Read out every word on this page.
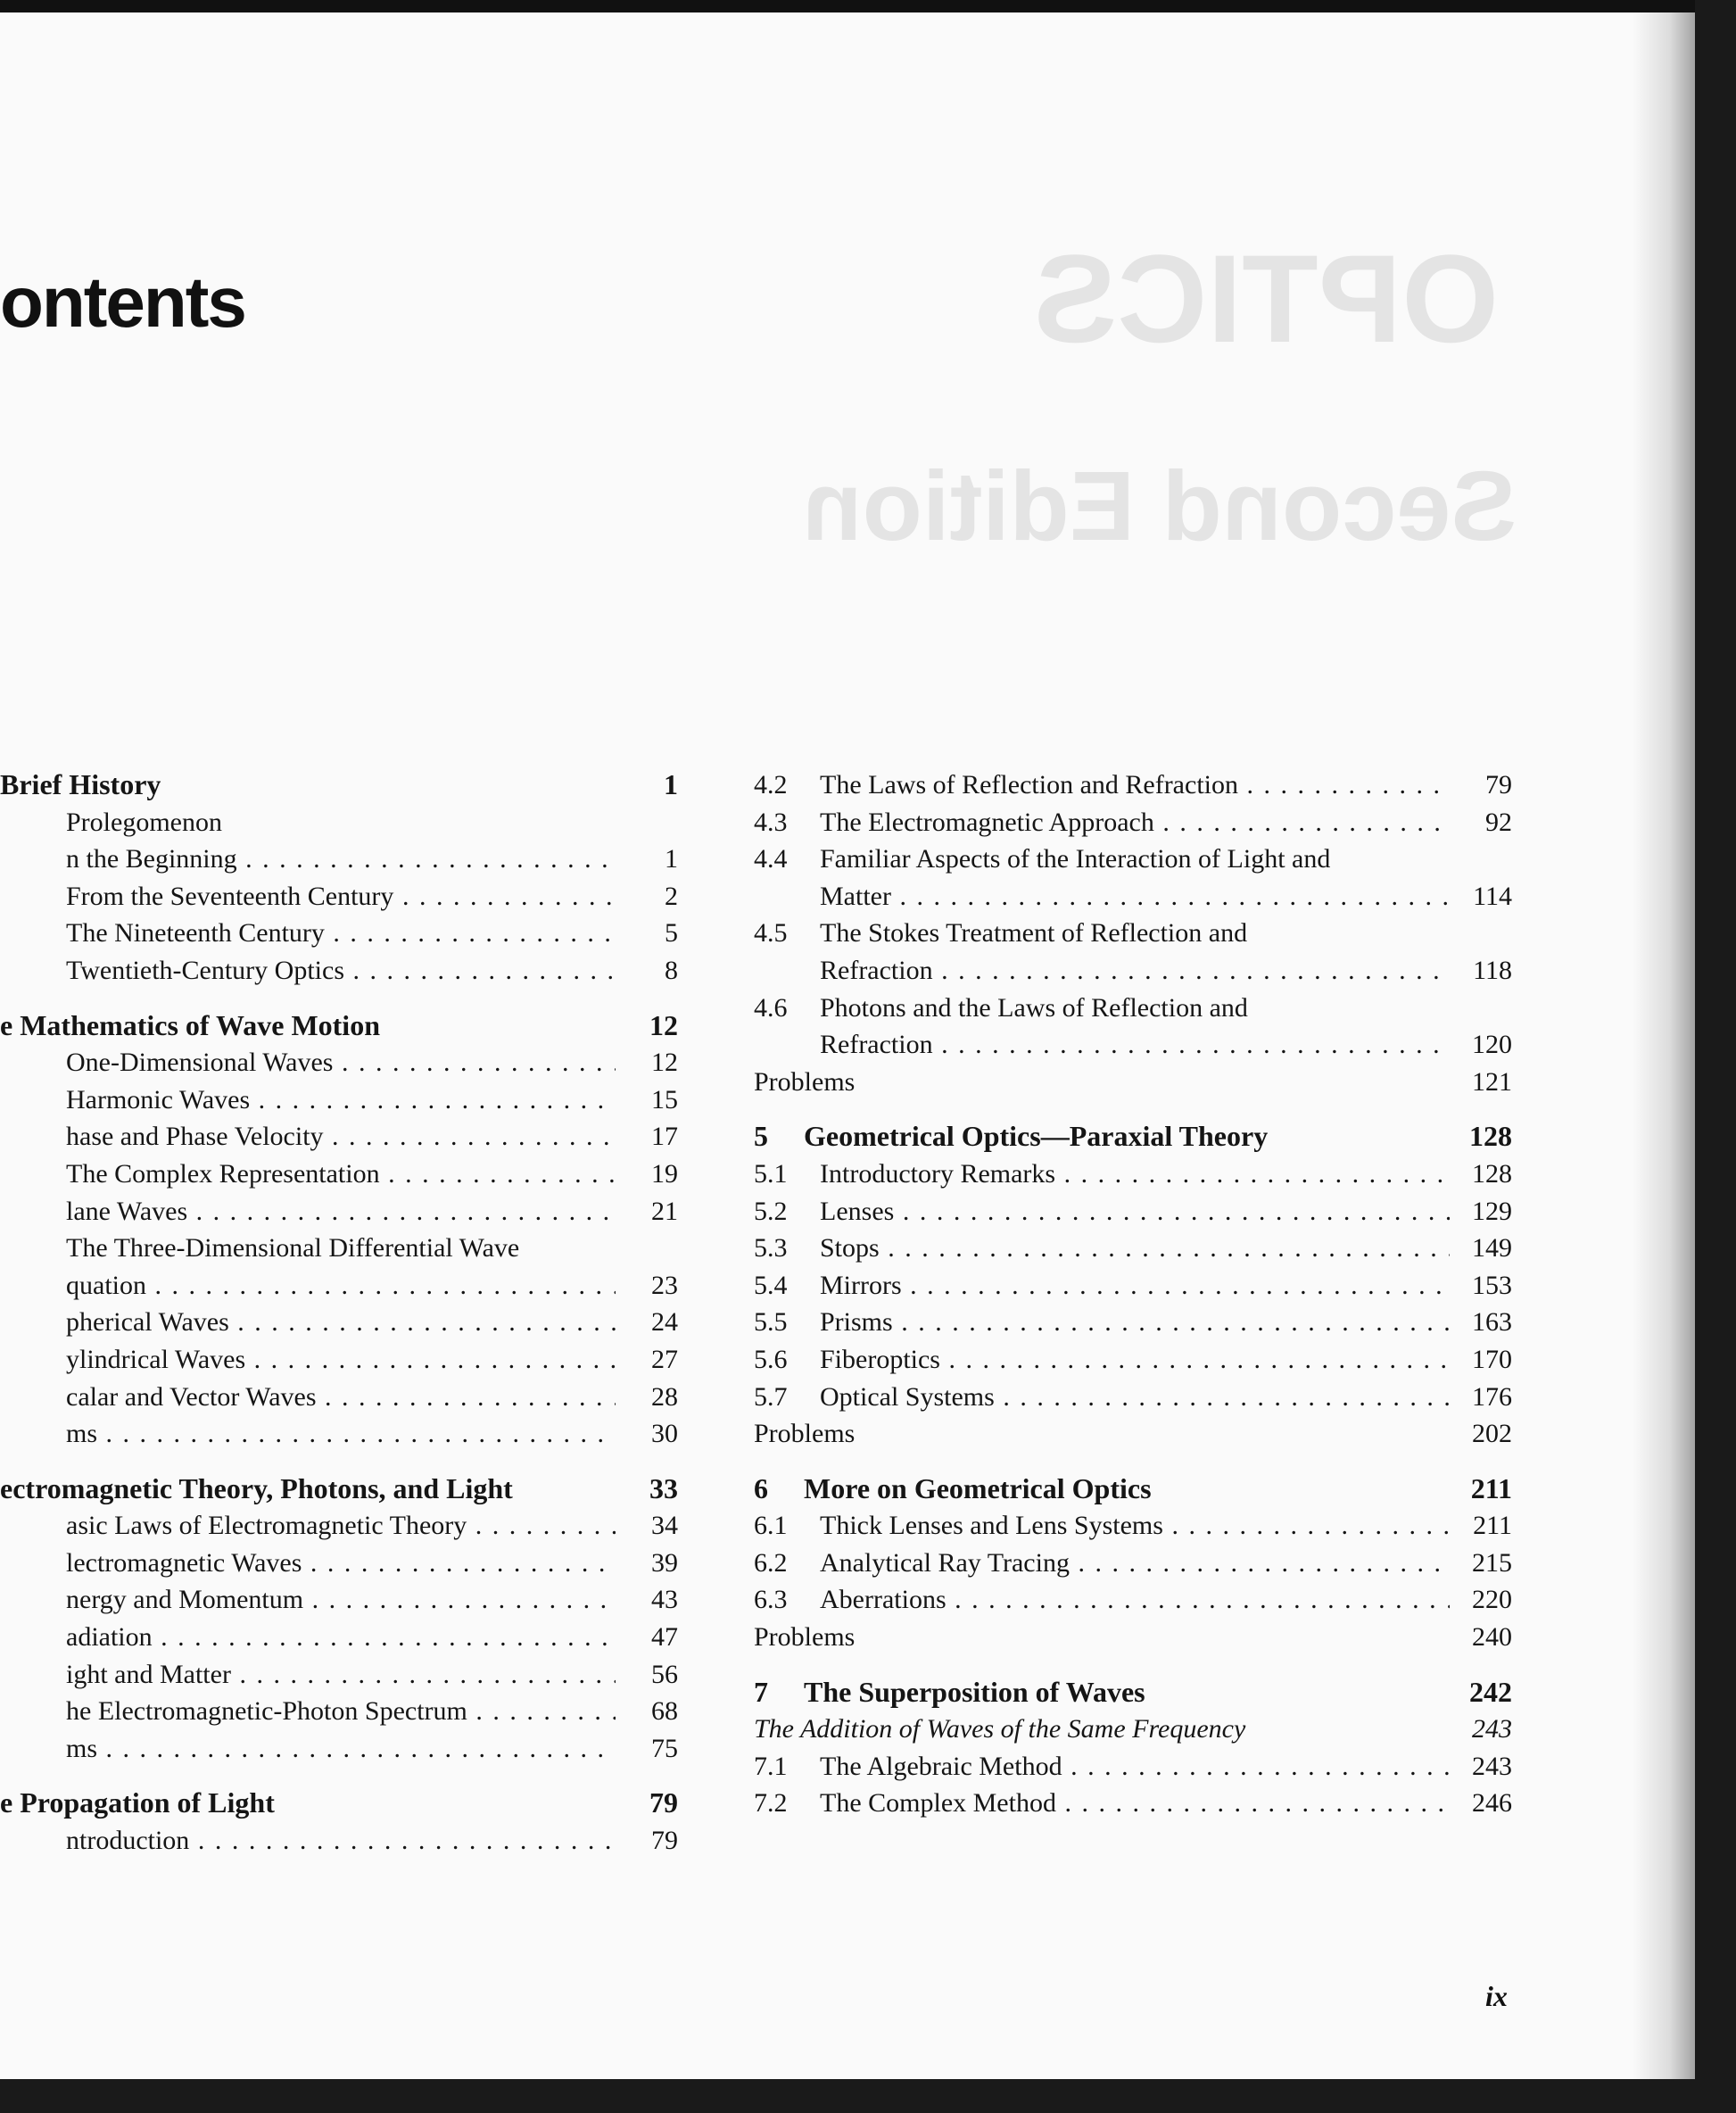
OPTICS
Second Edition
ontents
Brief History	1
Prolegomenon
n the Beginning . . .	1
From the Seventeenth Century . . .	2
The Nineteenth Century . . .	5
Twentieth-Century Optics . . .	8
e Mathematics of Wave Motion	12
One-Dimensional Waves . . .	12
Harmonic Waves . . .	15
hase and Phase Velocity . . .	17
The Complex Representation . . .	19
lane Waves . . .	21
The Three-Dimensional Differential Wave
quation . . .	23
pherical Waves . . .	24
ylindrical Waves . . .	27
calar and Vector Waves . . .	28
ms . . .	30
ectromagnetic Theory, Photons, and Light	33
asic Laws of Electromagnetic Theory . . .	34
lectromagnetic Waves . . .	39
nergy and Momentum . . .	43
adiation . . .	47
ight and Matter . . .	56
he Electromagnetic-Photon Spectrum . . .	68
ms . . .	75
e Propagation of Light	79
ntroduction . . .	79
4.2	The Laws of Reflection and Refraction . . .	79
4.3	The Electromagnetic Approach . . .	92
4.4	Familiar Aspects of the Interaction of Light and
Matter . . .	114
4.5	The Stokes Treatment of Reflection and
Refraction . . .	118
4.6	Photons and the Laws of Reflection and
Refraction . . .	120
Problems	121
5	Geometrical Optics—Paraxial Theory	128
5.1	Introductory Remarks . . .	128
5.2	Lenses . . .	129
5.3	Stops . . .	149
5.4	Mirrors . . .	153
5.5	Prisms . . .	163
5.6	Fiberoptics . . .	170
5.7	Optical Systems . . .	176
Problems	202
6	More on Geometrical Optics	211
6.1	Thick Lenses and Lens Systems . . .	211
6.2	Analytical Ray Tracing . . .	215
6.3	Aberrations . . .	220
Problems	240
7	The Superposition of Waves	242
The Addition of Waves of the Same Frequency	243
7.1	The Algebraic Method . . .	243
7.2	The Complex Method . . .	246
ix
